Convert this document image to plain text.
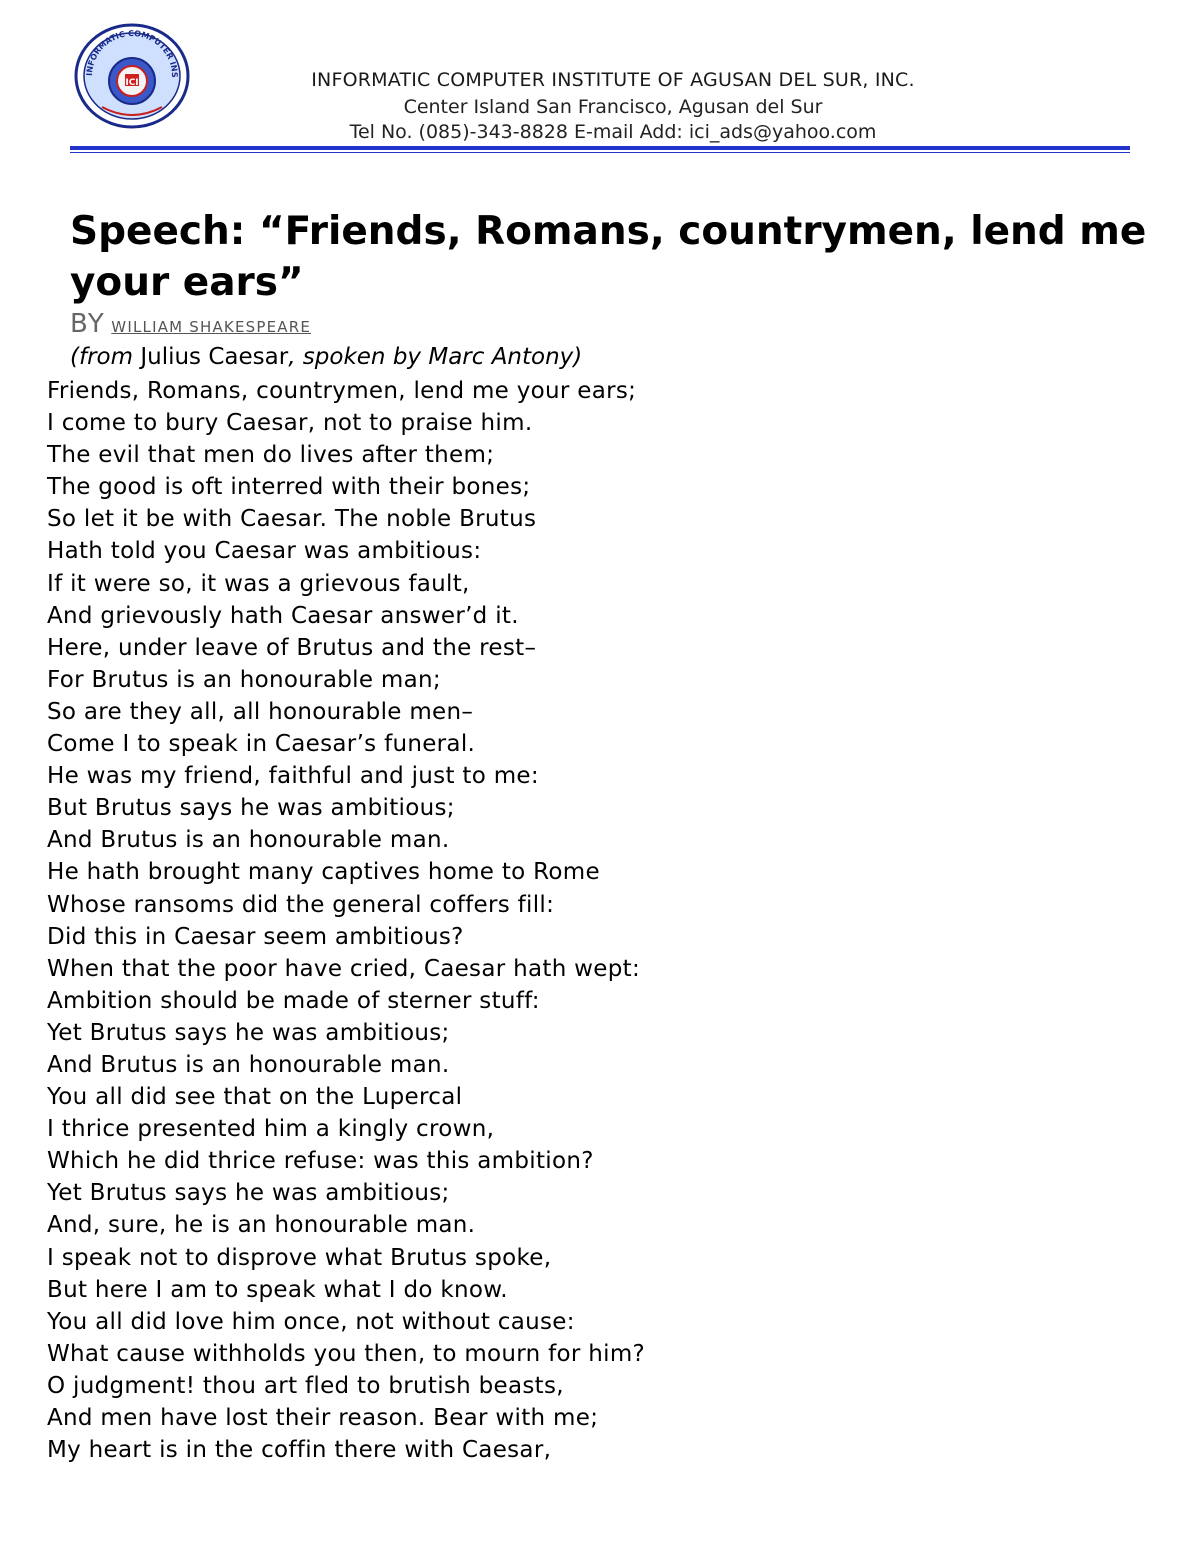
INFORMATIC COMPUTER INS
ICI	INFORMATIC COMPUTER INSTITUTE OF AGUSAN DEL SUR, INC.
Center Island San Francisco, Agusan del Sur
Tel No. (085)-343-8828 E-mail Add: ici_ads@yahoo.com
Speech: “Friends, Romans, countrymen, lend me your ears”
BY WILLIAM SHAKESPEARE
(from Julius Caesar, spoken by Marc Antony)
Friends, Romans, countrymen, lend me your ears;
I come to bury Caesar, not to praise him.
The evil that men do lives after them;
The good is oft interred with their bones;
So let it be with Caesar. The noble Brutus
Hath told you Caesar was ambitious:
If it were so, it was a grievous fault,
And grievously hath Caesar answer’d it.
Here, under leave of Brutus and the rest–
For Brutus is an honourable man;
So are they all, all honourable men–
Come I to speak in Caesar’s funeral.
He was my friend, faithful and just to me:
But Brutus says he was ambitious;
And Brutus is an honourable man.
He hath brought many captives home to Rome
Whose ransoms did the general coffers fill:
Did this in Caesar seem ambitious?
When that the poor have cried, Caesar hath wept:
Ambition should be made of sterner stuff:
Yet Brutus says he was ambitious;
And Brutus is an honourable man.
You all did see that on the Lupercal
I thrice presented him a kingly crown,
Which he did thrice refuse: was this ambition?
Yet Brutus says he was ambitious;
And, sure, he is an honourable man.
I speak not to disprove what Brutus spoke,
But here I am to speak what I do know.
You all did love him once, not without cause:
What cause withholds you then, to mourn for him?
O judgment! thou art fled to brutish beasts,
And men have lost their reason. Bear with me;
My heart is in the coffin there with Caesar,
